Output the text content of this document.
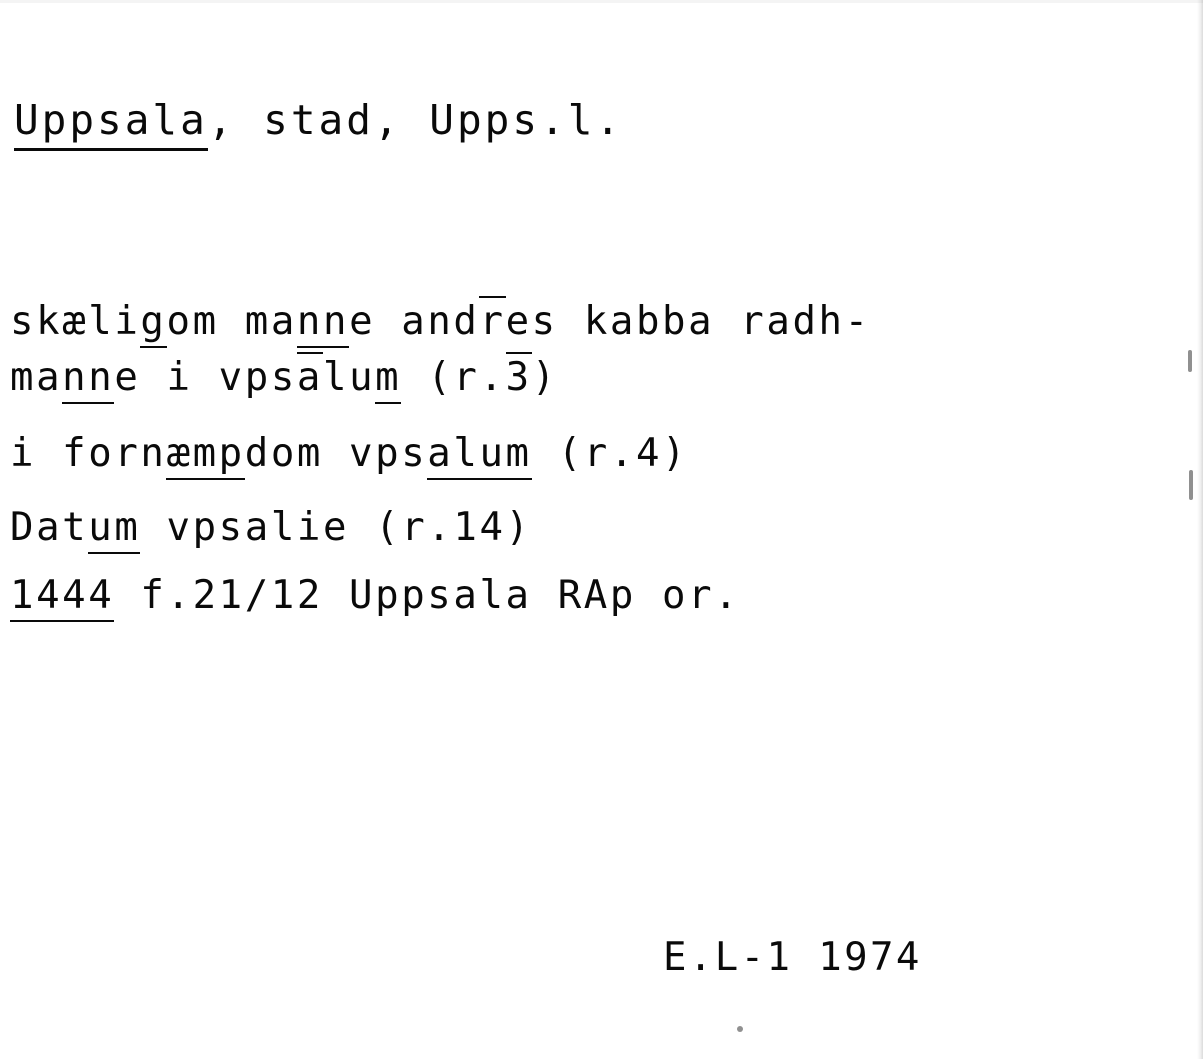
Uppsala, stad, Upps.l.
skæligom manne andres kabba radh-
manne i vpsalum (r.3)
i fornæmpdom vpsalum (r.4)
Datum vpsalie (r.14)
1444 f.21/12 Uppsala RAp or.
E.L-1 1974
